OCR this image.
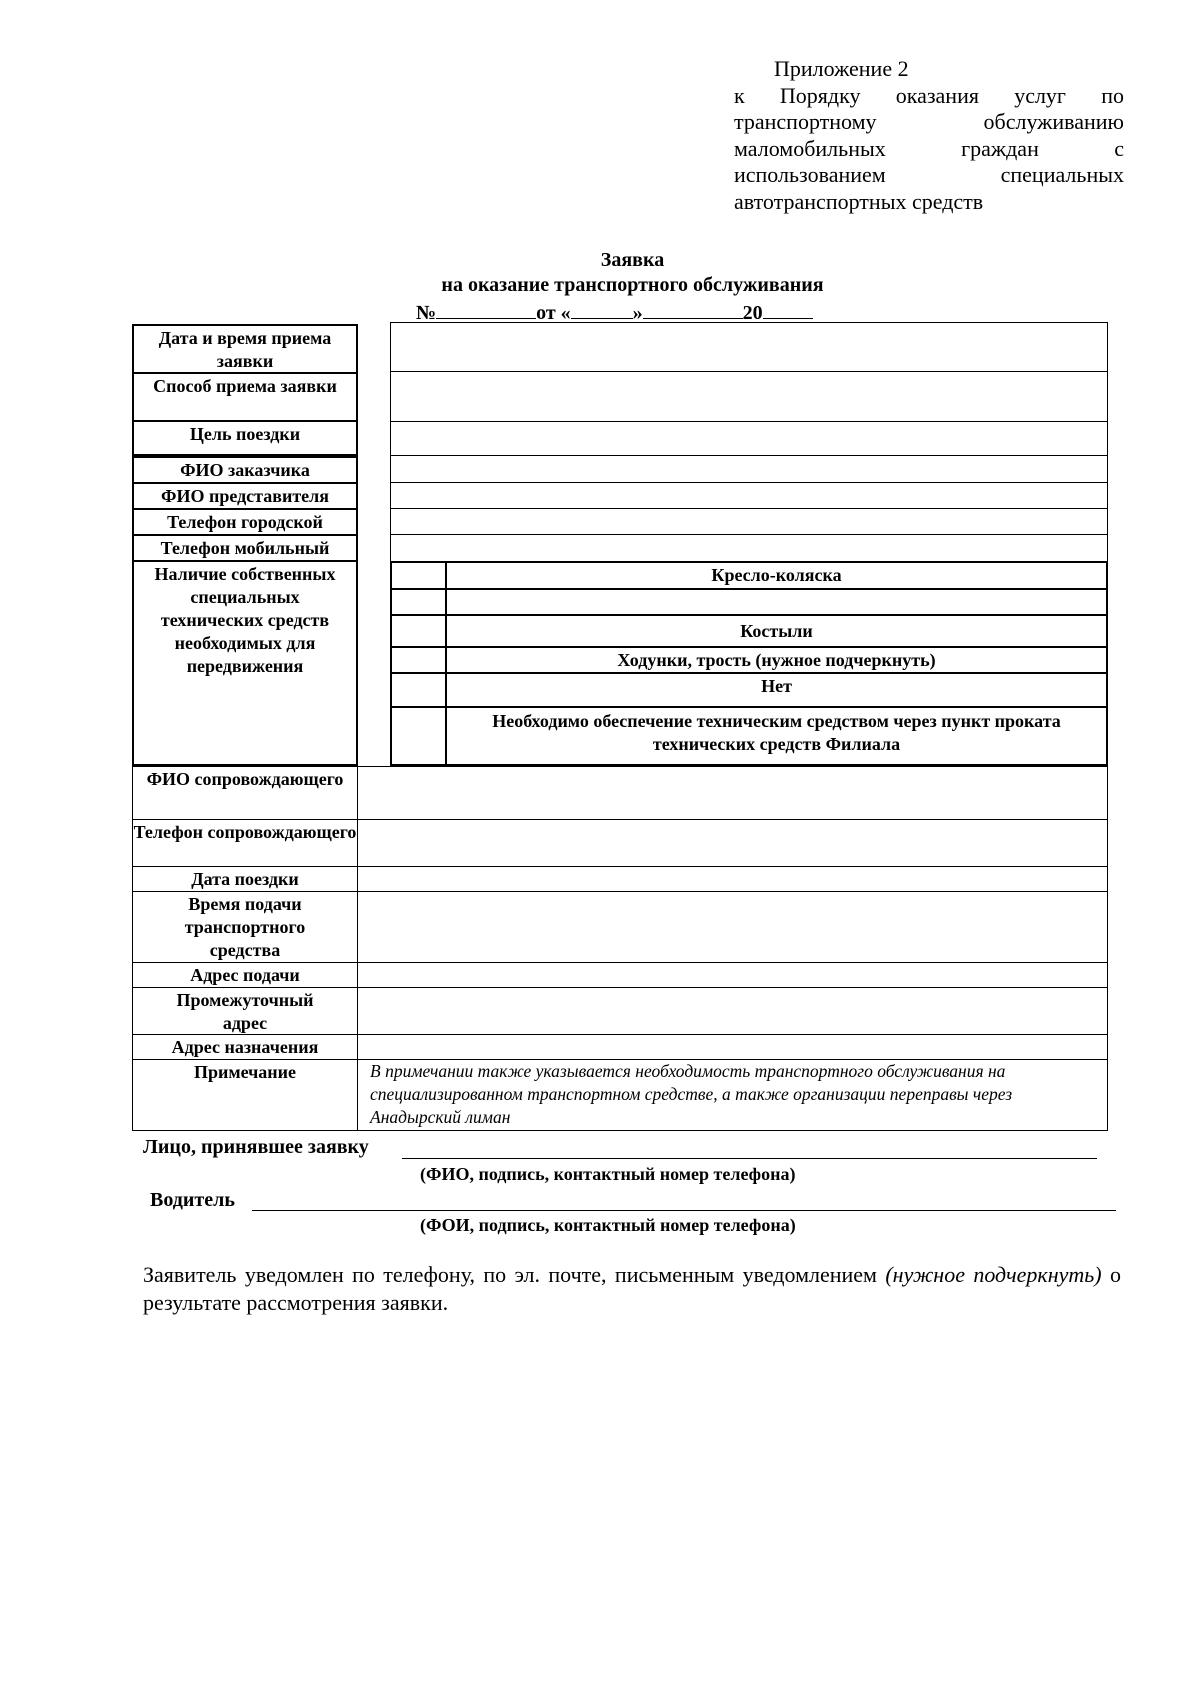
Приложение 2
к Порядку оказания услуг по
транспортному	обслуживанию
маломобильных	граждан	с
использованием	специальных
автотранспортных средств
Заявка
на оказание транспортного обслуживания
№	от «	»	20
Дата и время приема заявки
Способ приема заявки
Цель поездки
ФИО заказчика
ФИО представителя
Телефон городской
Телефон мобильный
Наличие собственных специальных технических средств необходимых для передвижения
Кресло-коляска
Костыли
Ходунки, трость (нужное подчеркнуть)
Нет
Необходимо обеспечение техническим средством через пункт проката технических средств Филиала
ФИО сопровождающего
Телефон сопровождающего
Дата поездки
Время подачи транспортного средства
Адрес подачи
Промежуточный адрес
Адрес назначения
Примечание	В примечании также указывается необходимость транспортного обслуживания на специализированном транспортном средстве, а также организации переправы через Анадырский лиман
Лицо, принявшее заявку
(ФИО, подпись, контактный номер телефона)
Водитель
(ФОИ, подпись, контактный номер телефона)
Заявитель уведомлен по телефону, по эл. почте, письменным уведомлением (нужное подчеркнуть) о результате рассмотрения заявки.
